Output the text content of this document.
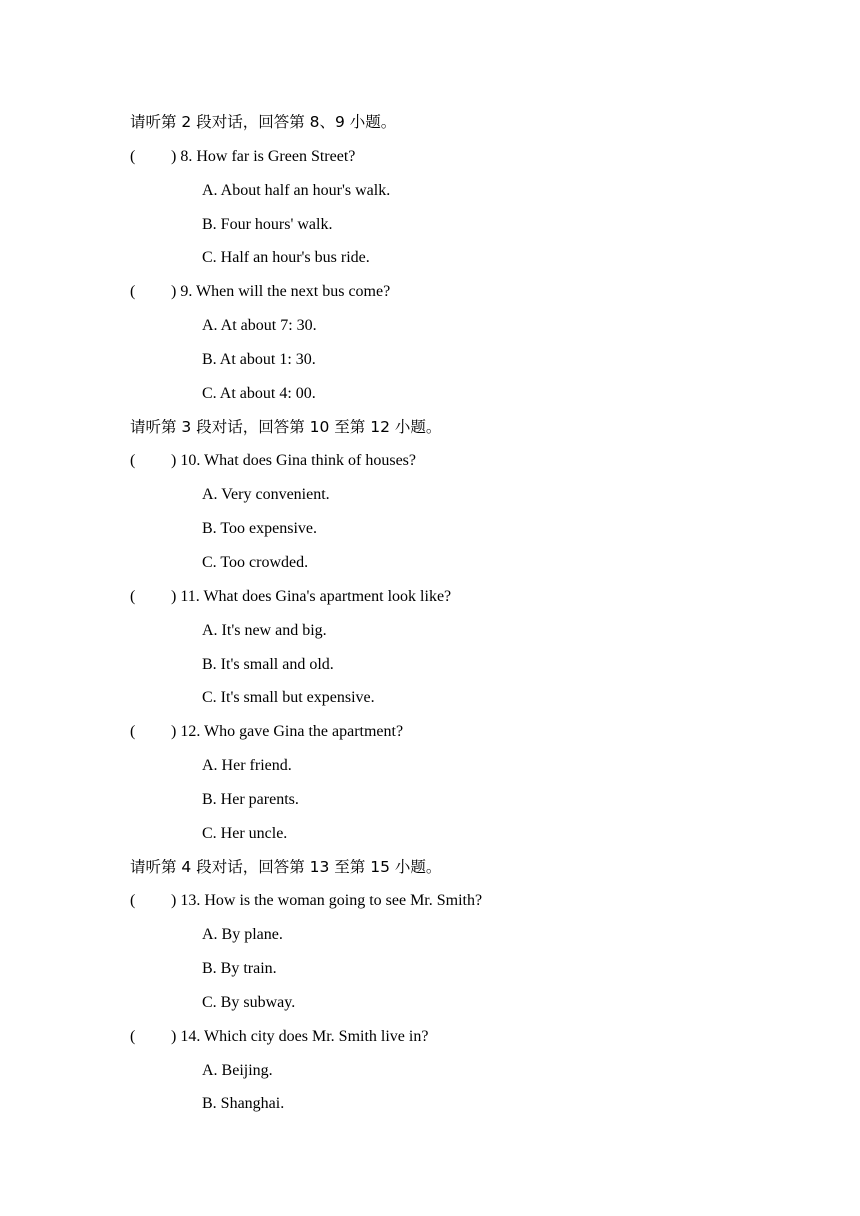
请听第 2 段对话，回答第 8、9 小题。
( ) 8. How far is Green Street?
A. About half an hour's walk.
B. Four hours' walk.
C. Half an hour's bus ride.
( ) 9. When will the next bus come?
A. At about 7: 30.
B. At about 1: 30.
C. At about 4: 00.
请听第 3 段对话，回答第 10 至第 12 小题。
( ) 10. What does Gina think of houses?
A. Very convenient.
B. Too expensive.
C. Too crowded.
( ) 11. What does Gina's apartment look like?
A. It's new and big.
B. It's small and old.
C. It's small but expensive.
( ) 12. Who gave Gina the apartment?
A. Her friend.
B. Her parents.
C. Her uncle.
请听第 4 段对话，回答第 13 至第 15 小题。
( ) 13. How is the woman going to see Mr. Smith?
A. By plane.
B. By train.
C. By subway.
( ) 14. Which city does Mr. Smith live in?
A. Beijing.
B. Shanghai.
